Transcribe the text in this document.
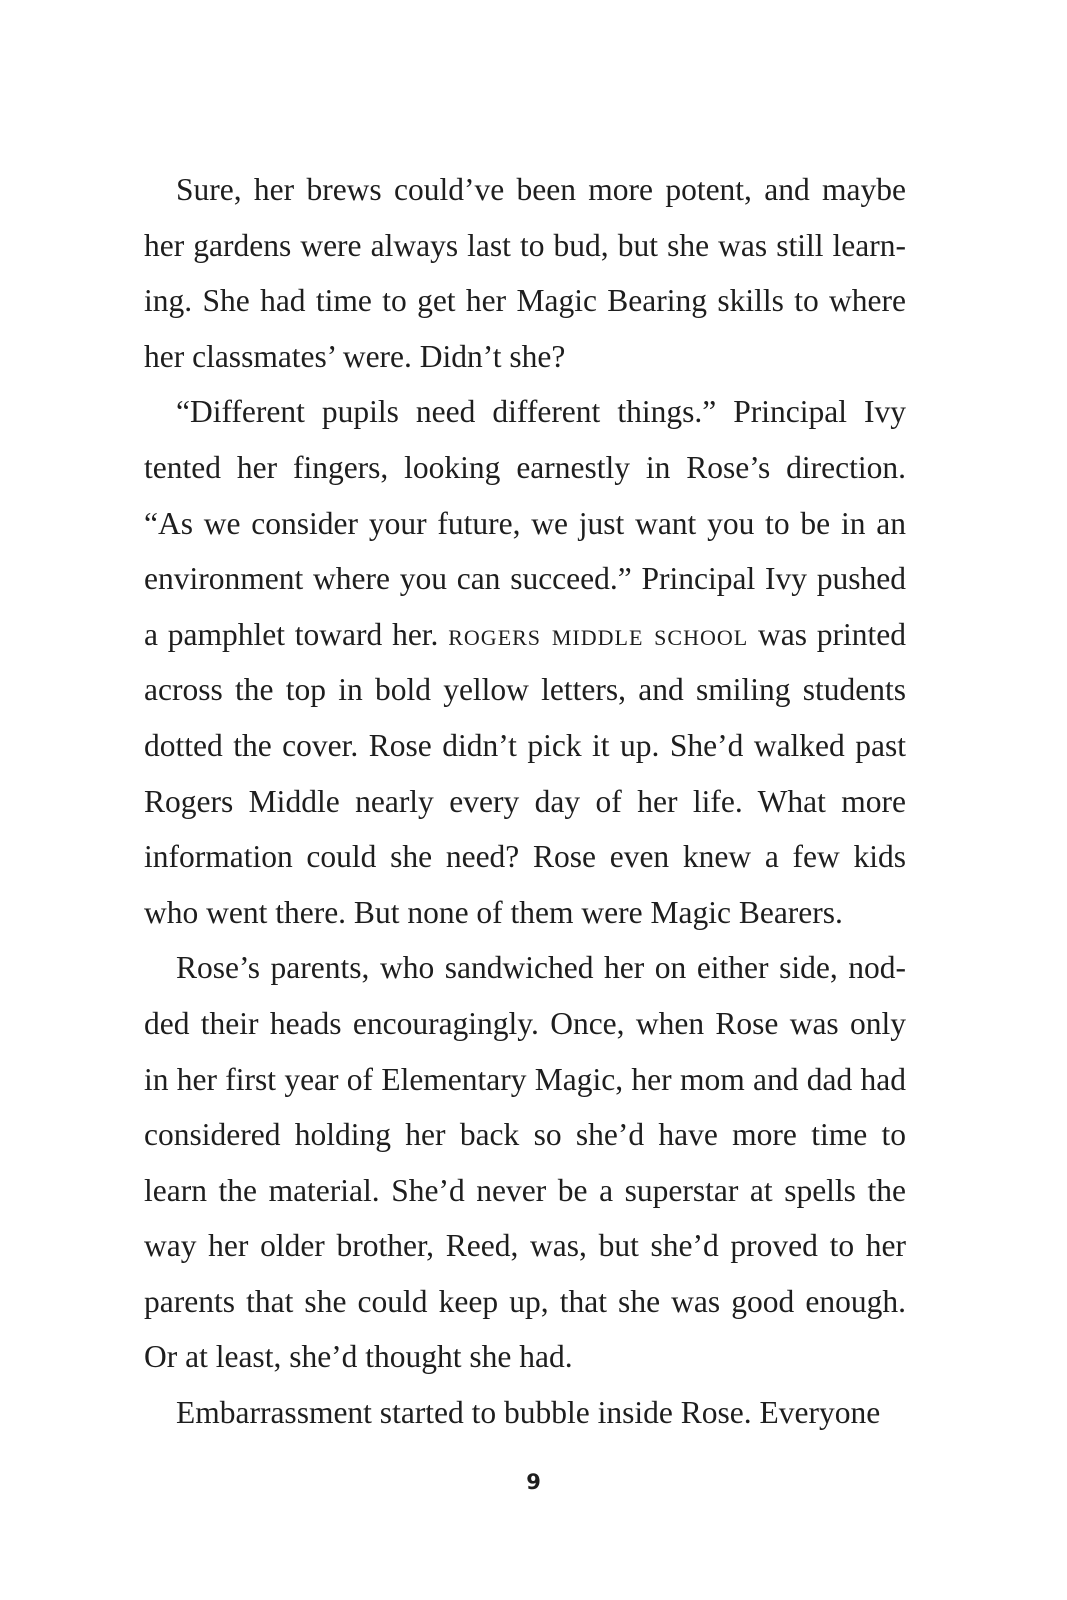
Sure, her brews could’ve been more potent, and maybe her gardens were always last to bud, but she was still learning. She had time to get her Magic Bearing skills to where her classmates’ were. Didn’t she?

“Different pupils need different things.” Principal Ivy tented her fingers, looking earnestly in Rose’s direction. “As we consider your future, we just want you to be in an environment where you can succeed.” Principal Ivy pushed a pamphlet toward her. rogers middle school was printed across the top in bold yellow letters, and smiling students dotted the cover. Rose didn’t pick it up. She’d walked past Rogers Middle nearly every day of her life. What more information could she need? Rose even knew a few kids who went there. But none of them were Magic Bearers.

Rose’s parents, who sandwiched her on either side, nodded their heads encouragingly. Once, when Rose was only in her first year of Elementary Magic, her mom and dad had considered holding her back so she’d have more time to learn the material. She’d never be a superstar at spells the way her older brother, Reed, was, but she’d proved to her parents that she could keep up, that she was good enough. Or at least, she’d thought she had.

Embarrassment started to bubble inside Rose. Everyone

9
